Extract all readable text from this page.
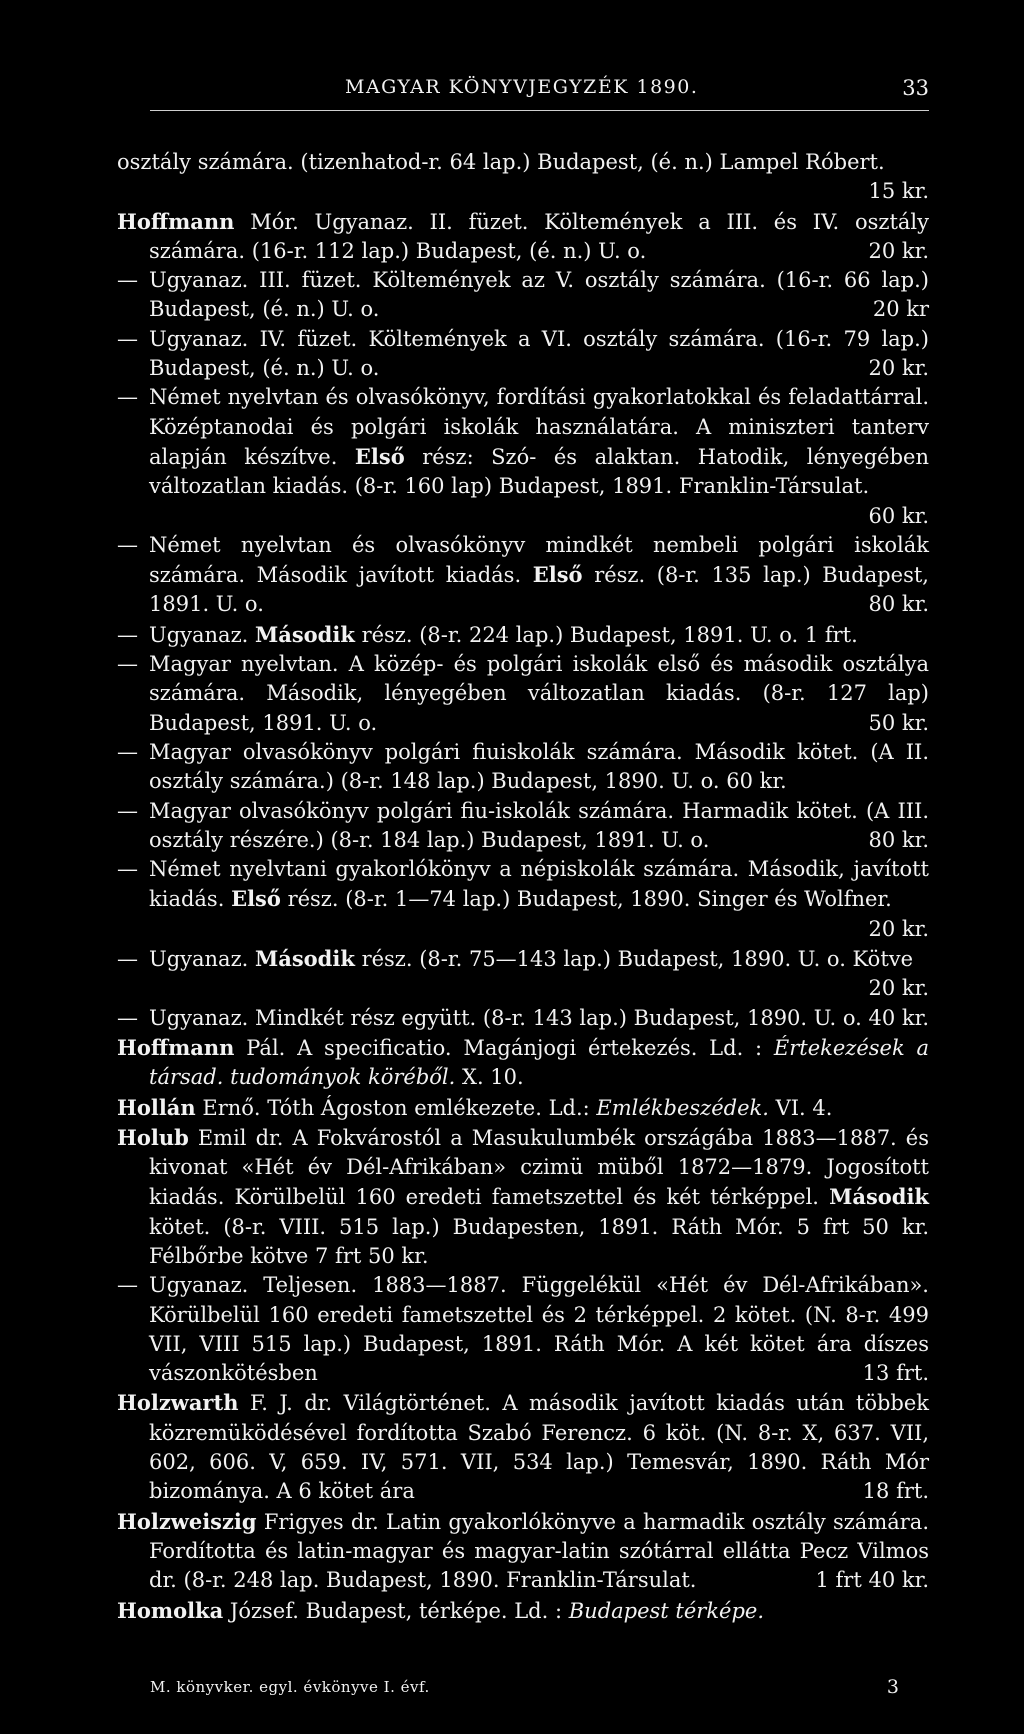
MAGYAR KÖNYVJEGYZÉK 1890.	33

osztály számára. (tizenhatod-r. 64 lap.) Budapest, (é. n.) Lampel Róbert.
15 kr.

Hoffmann Mór. Ugyanaz. II. füzet. Költemények a III. és IV. osztály számára. (16-r. 112 lap.) Budapest, (é. n.) U. o.	20 kr.

— Ugyanaz. III. füzet. Költemények az V. osztály számára. (16-r. 66 lap.) Budapest, (é. n.) U. o.	20 kr

— Ugyanaz. IV. füzet. Költemények a VI. osztály számára. (16-r. 79 lap.) Budapest, (é. n.) U. o.	20 kr.

— Német nyelvtan és olvasókönyv, fordítási gyakorlatokkal és feladattárral. Középtanodai és polgári iskolák használatára. A miniszteri tanterv alapján készítve. Első rész: Szó- és alaktan. Hatodik, lényegében változatlan kiadás. (8-r. 160 lap) Budapest, 1891. Franklin-Társulat.
60 kr.

— Német nyelvtan és olvasókönyv mindkét nembeli polgári iskolák számára. Második javított kiadás. Első rész. (8-r. 135 lap.) Budapest, 1891. U. o.	80 kr.

— Ugyanaz. Második rész. (8-r. 224 lap.) Budapest, 1891. U. o. 1 frt.

— Magyar nyelvtan. A közép- és polgári iskolák első és második osztálya számára. Második, lényegében változatlan kiadás. (8-r. 127 lap) Budapest, 1891. U. o.	50 kr.

— Magyar olvasókönyv polgári fiuiskolák számára. Második kötet. (A II. osztály számára.) (8-r. 148 lap.) Budapest, 1890. U. o. 60 kr.

— Magyar olvasókönyv polgári fiu-iskolák számára. Harmadik kötet. (A III. osztály részére.) (8-r. 184 lap.) Budapest, 1891. U. o.	80 kr.

— Német nyelvtani gyakorlókönyv a népiskolák számára. Második, javított kiadás. Első rész. (8-r. 1—74 lap.) Budapest, 1890. Singer és Wolfner.
20 kr.

— Ugyanaz. Második rész. (8-r. 75—143 lap.) Budapest, 1890. U. o. Kötve
20 kr.

— Ugyanaz. Mindkét rész együtt. (8-r. 143 lap.) Budapest, 1890. U. o. 40 kr.

Hoffmann Pál. A specificatio. Magánjogi értekezés. Ld. : Értekezések a társad. tudományok köréből. X. 10.

Hollán Ernő. Tóth Ágoston emlékezete. Ld.: Emlékbeszédek. VI. 4.

Holub Emil dr. A Fokvárostól a Masukulumbék országába 1883—1887. és kivonat «Hét év Dél-Afrikában» czimü müből 1872—1879. Jogosított kiadás. Körülbelül 160 eredeti fametszettel és két térképpel. Második kötet. (8-r. VIII. 515 lap.) Budapesten, 1891. Ráth Mór. 5 frt 50 kr. Félbőrbe kötve 7 frt 50 kr.

— Ugyanaz. Teljesen. 1883—1887. Függelékül «Hét év Dél-Afrikában». Körülbelül 160 eredeti fametszettel és 2 térképpel. 2 kötet. (N. 8-r. 499 VII, VIII 515 lap.) Budapest, 1891. Ráth Mór. A két kötet ára díszes vászonkötésben	13 frt.

Holzwarth F. J. dr. Világtörténet. A második javított kiadás után többek közremüködésével fordította Szabó Ferencz. 6 köt. (N. 8-r. X, 637. VII, 602, 606. V, 659. IV, 571. VII, 534 lap.) Temesvár, 1890. Ráth Mór bizománya. A 6 kötet ára	18 frt.

Holzweiszig Frigyes dr. Latin gyakorlókönyve a harmadik osztály számára. Fordította és latin-magyar és magyar-latin szótárral ellátta Pecz Vilmos dr. (8-r. 248 lap. Budapest, 1890. Franklin-Társulat.	1 frt 40 kr.

Homolka József. Budapest, térképe. Ld. : Budapest térképe.

M. könyvker. egyl. évkönyve I. évf.	3
